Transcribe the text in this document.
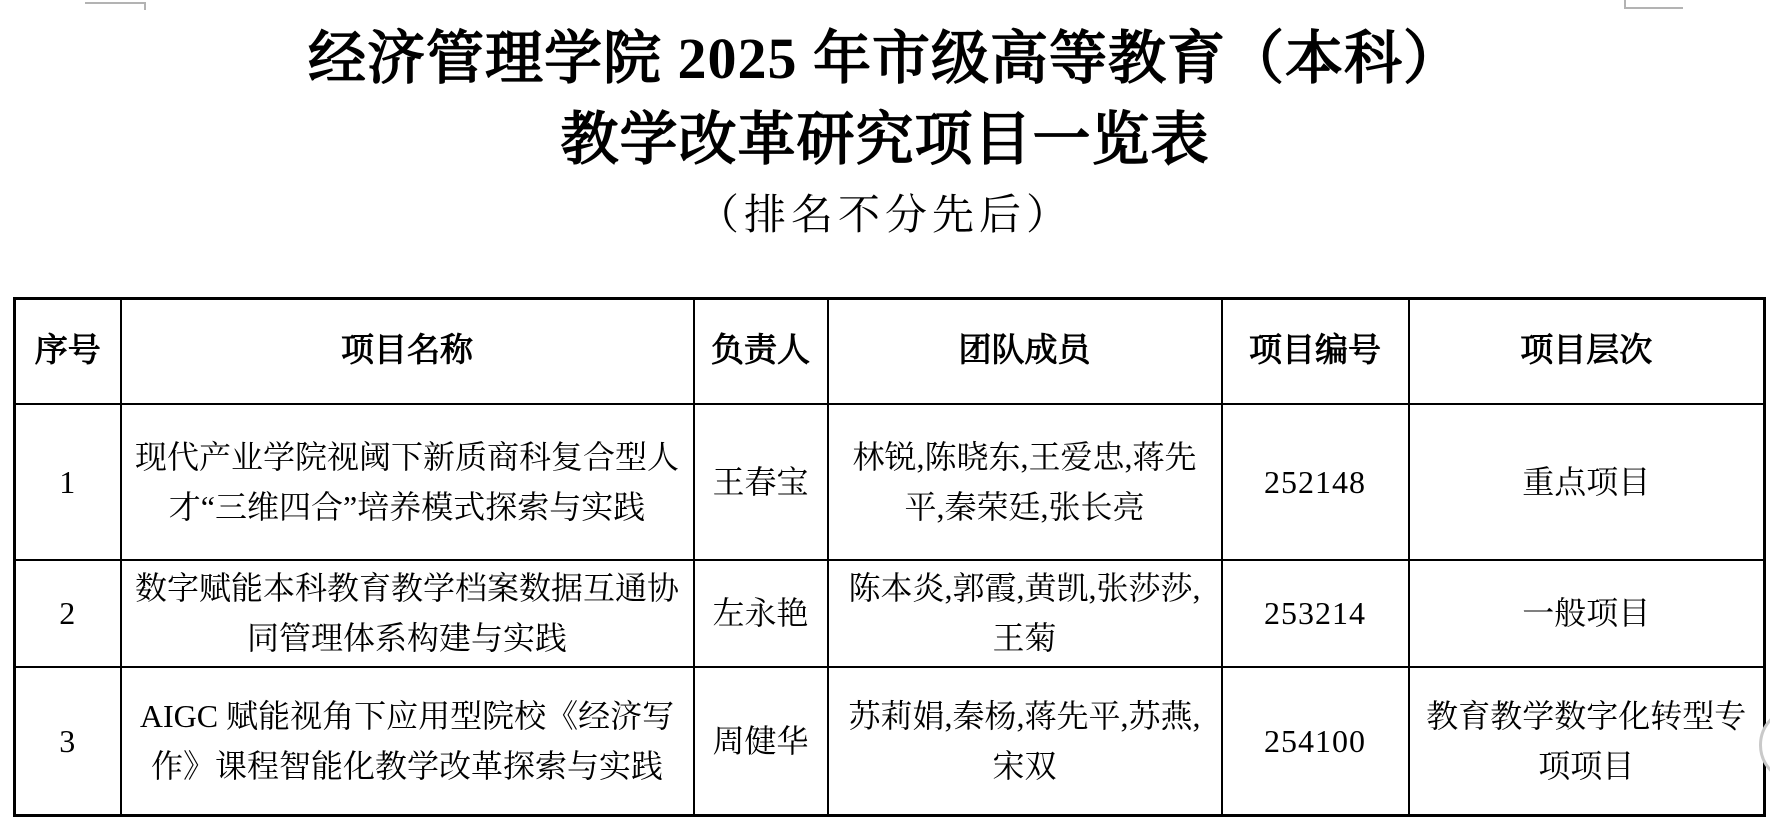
经济管理学院 2025 年市级高等教育（本科）
教学改革研究项目一览表
（排名不分先后）
序号	项目名称	负责人	团队成员	项目编号	项目层次
1	现代产业学院视阈下新质商科复合型人才“三维四合”培养模式探索与实践	王春宝	林锐,陈晓东,王爱忠,蒋先平,秦荣廷,张长亮	252148	重点项目
2	数字赋能本科教育教学档案数据互通协同管理体系构建与实践	左永艳	陈本炎,郭霞,黄凯,张莎莎,王菊	253214	一般项目
3	AIGC 赋能视角下应用型院校《经济写作》课程智能化教学改革探索与实践	周健华	苏莉娟,秦杨,蒋先平,苏燕,宋双	254100	教育教学数字化转型专项项目
